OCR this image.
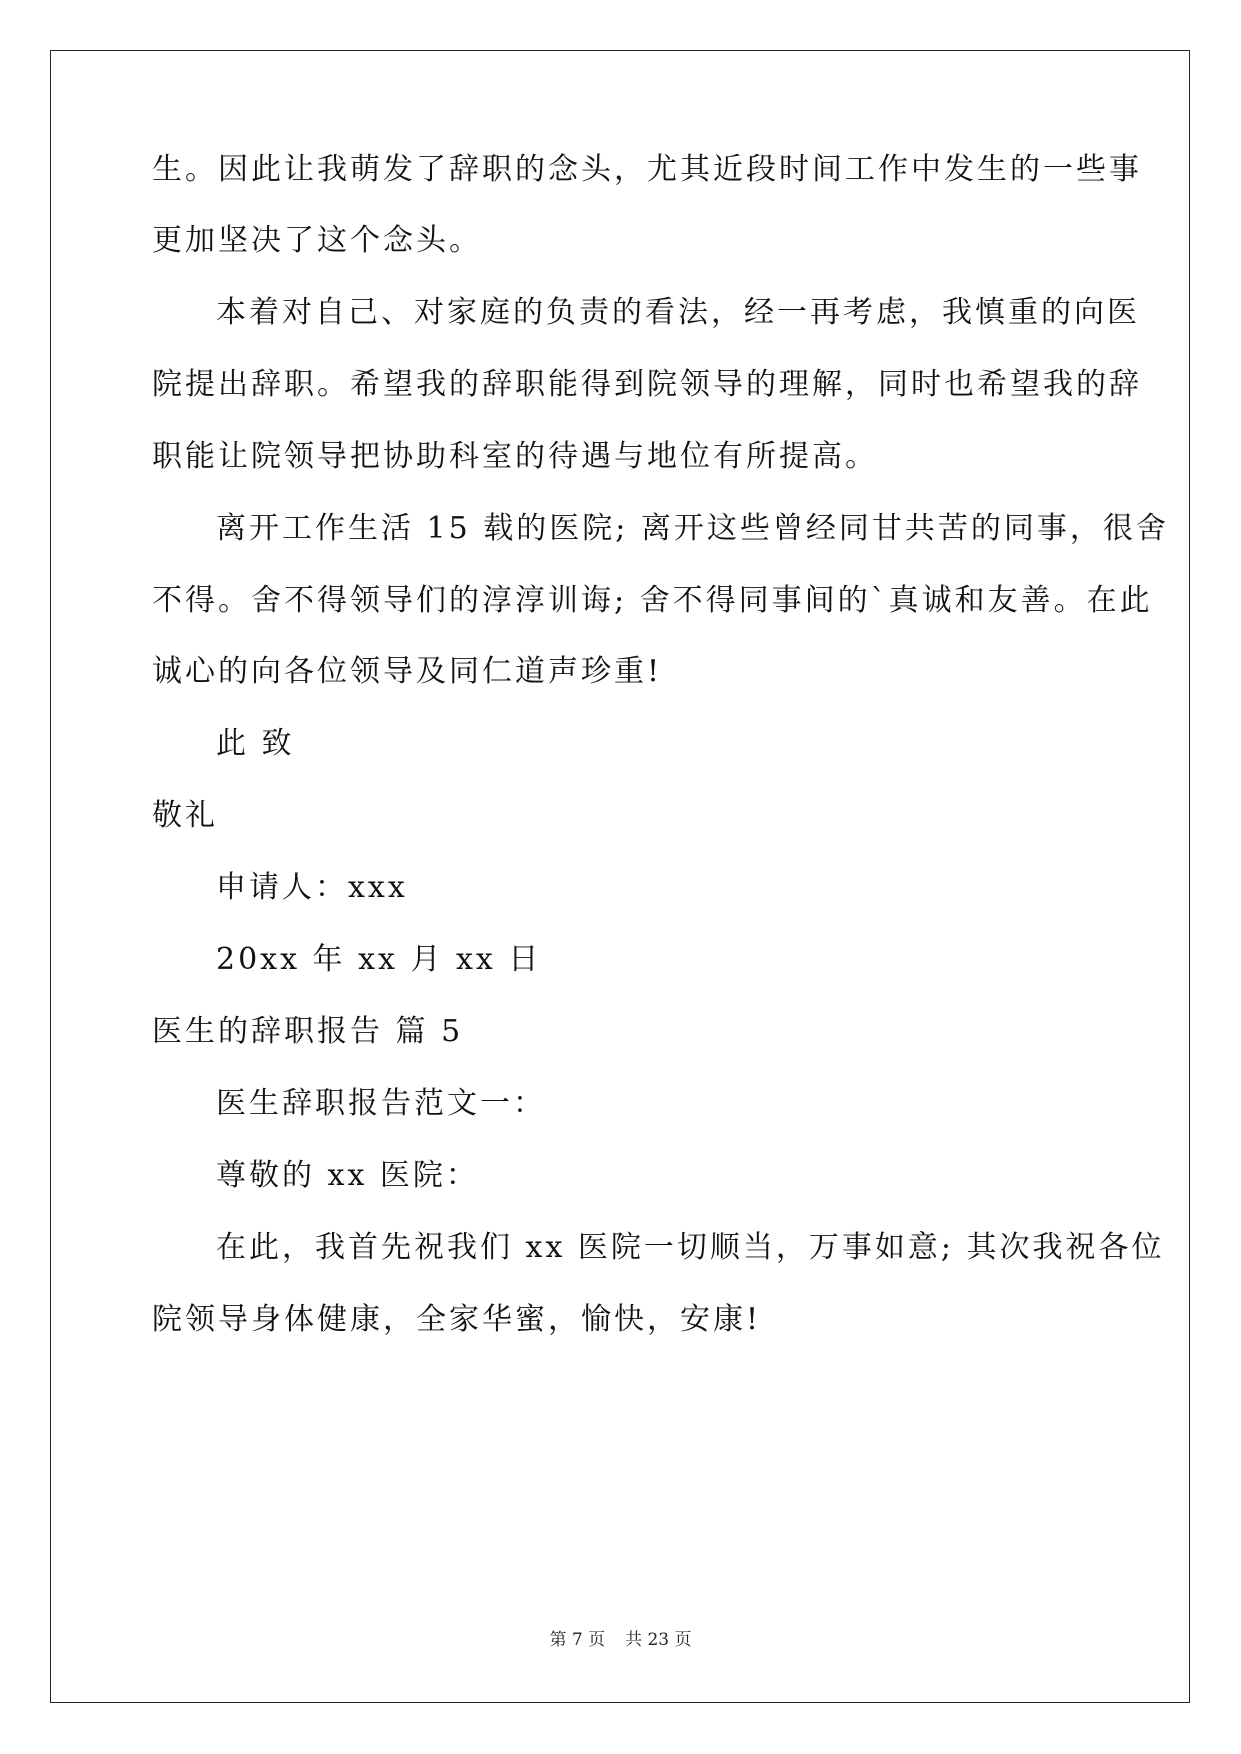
生。因此让我萌发了辞职的念头，尤其近段时间工作中发生的一些事
更加坚决了这个念头。
本着对自己、对家庭的负责的看法，经一再考虑，我慎重的向医
院提出辞职。希望我的辞职能得到院领导的理解，同时也希望我的辞
职能让院领导把协助科室的待遇与地位有所提高。
离开工作生活 15 载的医院; 离开这些曾经同甘共苦的同事，很舍
不得。舍不得领导们的淳淳训诲; 舍不得同事间的`真诚和友善。在此
诚心的向各位领导及同仁道声珍重!
此 致
敬礼
申请人：xxx
20xx 年 xx 月 xx 日
医生的辞职报告 篇 5
医生辞职报告范文一：
尊敬的 xx 医院：
在此，我首先祝我们 xx 医院一切顺当，万事如意; 其次我祝各位
院领导身体健康，全家华蜜，愉快，安康!
第 7 页 共 23 页
